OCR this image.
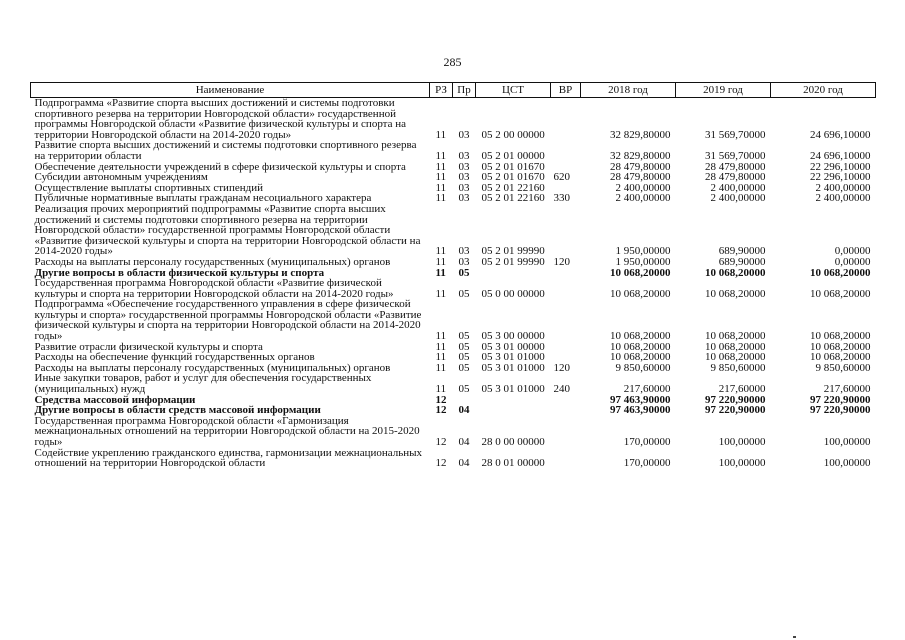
285
Наименование	РЗ	Пр	ЦСТ	ВР	2018 год	2019 год	2020 год
Подпрограмма «Развитие спорта высших достижений и системы подготовки спортивного резерва на территории Новгородской области» государственной программы Новгородской области «Развитие физической культуры и спорта на территории Новгородской области на 2014-2020 годы»	11	03	05 2 00 00000		32 829,80000	31 569,70000	24 696,10000
Развитие спорта высших достижений и системы подготовки спортивного резерва на территории области	11	03	05 2 01 00000		32 829,80000	31 569,70000	24 696,10000
Обеспечение деятельности учреждений в сфере физической культуры и спорта	11	03	05 2 01 01670		28 479,80000	28 479,80000	22 296,10000
Субсидии автономным учреждениям	11	03	05 2 01 01670	620	28 479,80000	28 479,80000	22 296,10000
Осуществление выплаты спортивных стипендий	11	03	05 2 01 22160		2 400,00000	2 400,00000	2 400,00000
Публичные нормативные выплаты гражданам несоциального характера	11	03	05 2 01 22160	330	2 400,00000	2 400,00000	2 400,00000
Реализация прочих мероприятий подпрограммы «Развитие спорта высших достижений и системы подготовки спортивного резерва на территории Новгородской области» государственной программы Новгородской области «Развитие физической культуры и спорта на территории Новгородской области на 2014-2020 годы»	11	03	05 2 01 99990		1 950,00000	689,90000	0,00000
Расходы на выплаты персоналу государственных (муниципальных) органов	11	03	05 2 01 99990	120	1 950,00000	689,90000	0,00000
Другие вопросы в области физической культуры и спорта	11	05			10 068,20000	10 068,20000	10 068,20000
Государственная программа Новгородской области «Развитие физической культуры и спорта на территории Новгородской области на 2014-2020 годы»	11	05	05 0 00 00000		10 068,20000	10 068,20000	10 068,20000
Подпрограмма «Обеспечение государственного управления в сфере физической культуры и спорта» государственной программы Новгородской области «Развитие физической культуры и спорта на территории Новгородской области на 2014-2020 годы»	11	05	05 3 00 00000		10 068,20000	10 068,20000	10 068,20000
Развитие отрасли физической культуры и спорта	11	05	05 3 01 00000		10 068,20000	10 068,20000	10 068,20000
Расходы на обеспечение функций государственных органов	11	05	05 3 01 01000		10 068,20000	10 068,20000	10 068,20000
Расходы на выплаты персоналу государственных (муниципальных) органов	11	05	05 3 01 01000	120	9 850,60000	9 850,60000	9 850,60000
Иные закупки товаров, работ и услуг для обеспечения государственных (муниципальных) нужд	11	05	05 3 01 01000	240	217,60000	217,60000	217,60000
Средства массовой информации	12				97 463,90000	97 220,90000	97 220,90000
Другие вопросы в области средств массовой информации	12	04			97 463,90000	97 220,90000	97 220,90000
Государственная программа Новгородской области «Гармонизация межнациональных отношений на территории Новгородской области на 2015-2020 годы»	12	04	28 0 00 00000		170,00000	100,00000	100,00000
Содействие укреплению гражданского единства, гармонизации межнациональных отношений на территории Новгородской области	12	04	28 0 01 00000		170,00000	100,00000	100,00000
